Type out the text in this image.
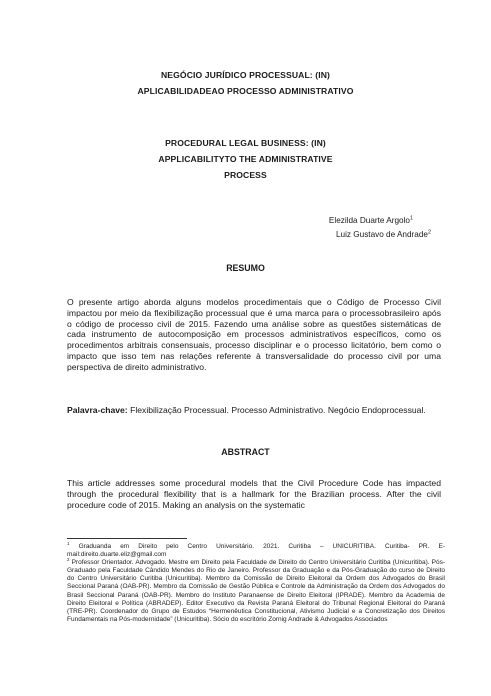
NEGÓCIO JURÍDICO PROCESSUAL: (IN)
APLICABILIDADEAO PROCESSO ADMINISTRATIVO
PROCEDURAL LEGAL BUSINESS: (IN)
APPLICABILITYTO THE ADMINISTRATIVE
PROCESS
Elezilda Duarte Argolo$^1$
Luiz Gustavo de Andrade$^2$
RESUMO
O presente artigo aborda alguns modelos procedimentais que o Código de Processo Civil impactou por meio da flexibilização processual que é uma marca para o processobrasileiro após o código de processo civil de 2015. Fazendo uma análise sobre as questões sistemáticas de cada instrumento de autocomposição em processos administrativos específicos, como os procedimentos arbitrais consensuais, processo disciplinar e o processo licitatório, bem como o impacto que isso tem nas relações referente à transversalidade do processo civil por uma perspectiva de direito administrativo.
Palavra-chave: Flexibilização Processual. Processo Administrativo. Negócio Endoprocessual.
ABSTRACT
This article addresses some procedural models that the Civil Procedure Code has impacted through the procedural flexibility that is a hallmark for the Brazilian process. After the civil procedure code of 2015. Making an analysis on the systematic

$^1$ Graduanda em Direito pelo Centro Universitário. 2021. Curitiba – UNICURITIBA. Curitiba- PR. E-mail:direito.duarte.eliz@gmail.com

$^2$ Professor Orientador. Advogado. Mestre em Direito pela Faculdade de Direito do Centro Universitário Curitiba (Unicuritiba). Pós-Graduado pela Faculdade Cândido Mendes do Rio de Janeiro. Professor da Graduação e da Pós-Graduação do curso de Direito do Centro Universitário Curitiba (Unicuritiba). Membro da Comissão de Direito Eleitoral da Ordem dos Advogados do Brasil Seccional Paraná (OAB-PR). Membro da Comissão de Gestão Pública e Controle da Administração da Ordem dos Advogados do Brasil Seccional Paraná (OAB-PR). Membro do Instituto Paranaense de Direito Eleitoral (IPRADE). Membro da Academia de Direito Eleitoral e Política (ABRADEP). Editor Executivo da Revista Paraná Eleitoral do Tribunal Regional Eleitoral do Paraná (TRE-PR). Coordenador do Grupo de Estudos “Hermenêutica Constitucional, Ativismo Judicial e a Concretização dos Direitos Fundamentais na Pós-modernidade” (Unicuritiba). Sócio do escritório Zornig Andrade & Advogados Associados
